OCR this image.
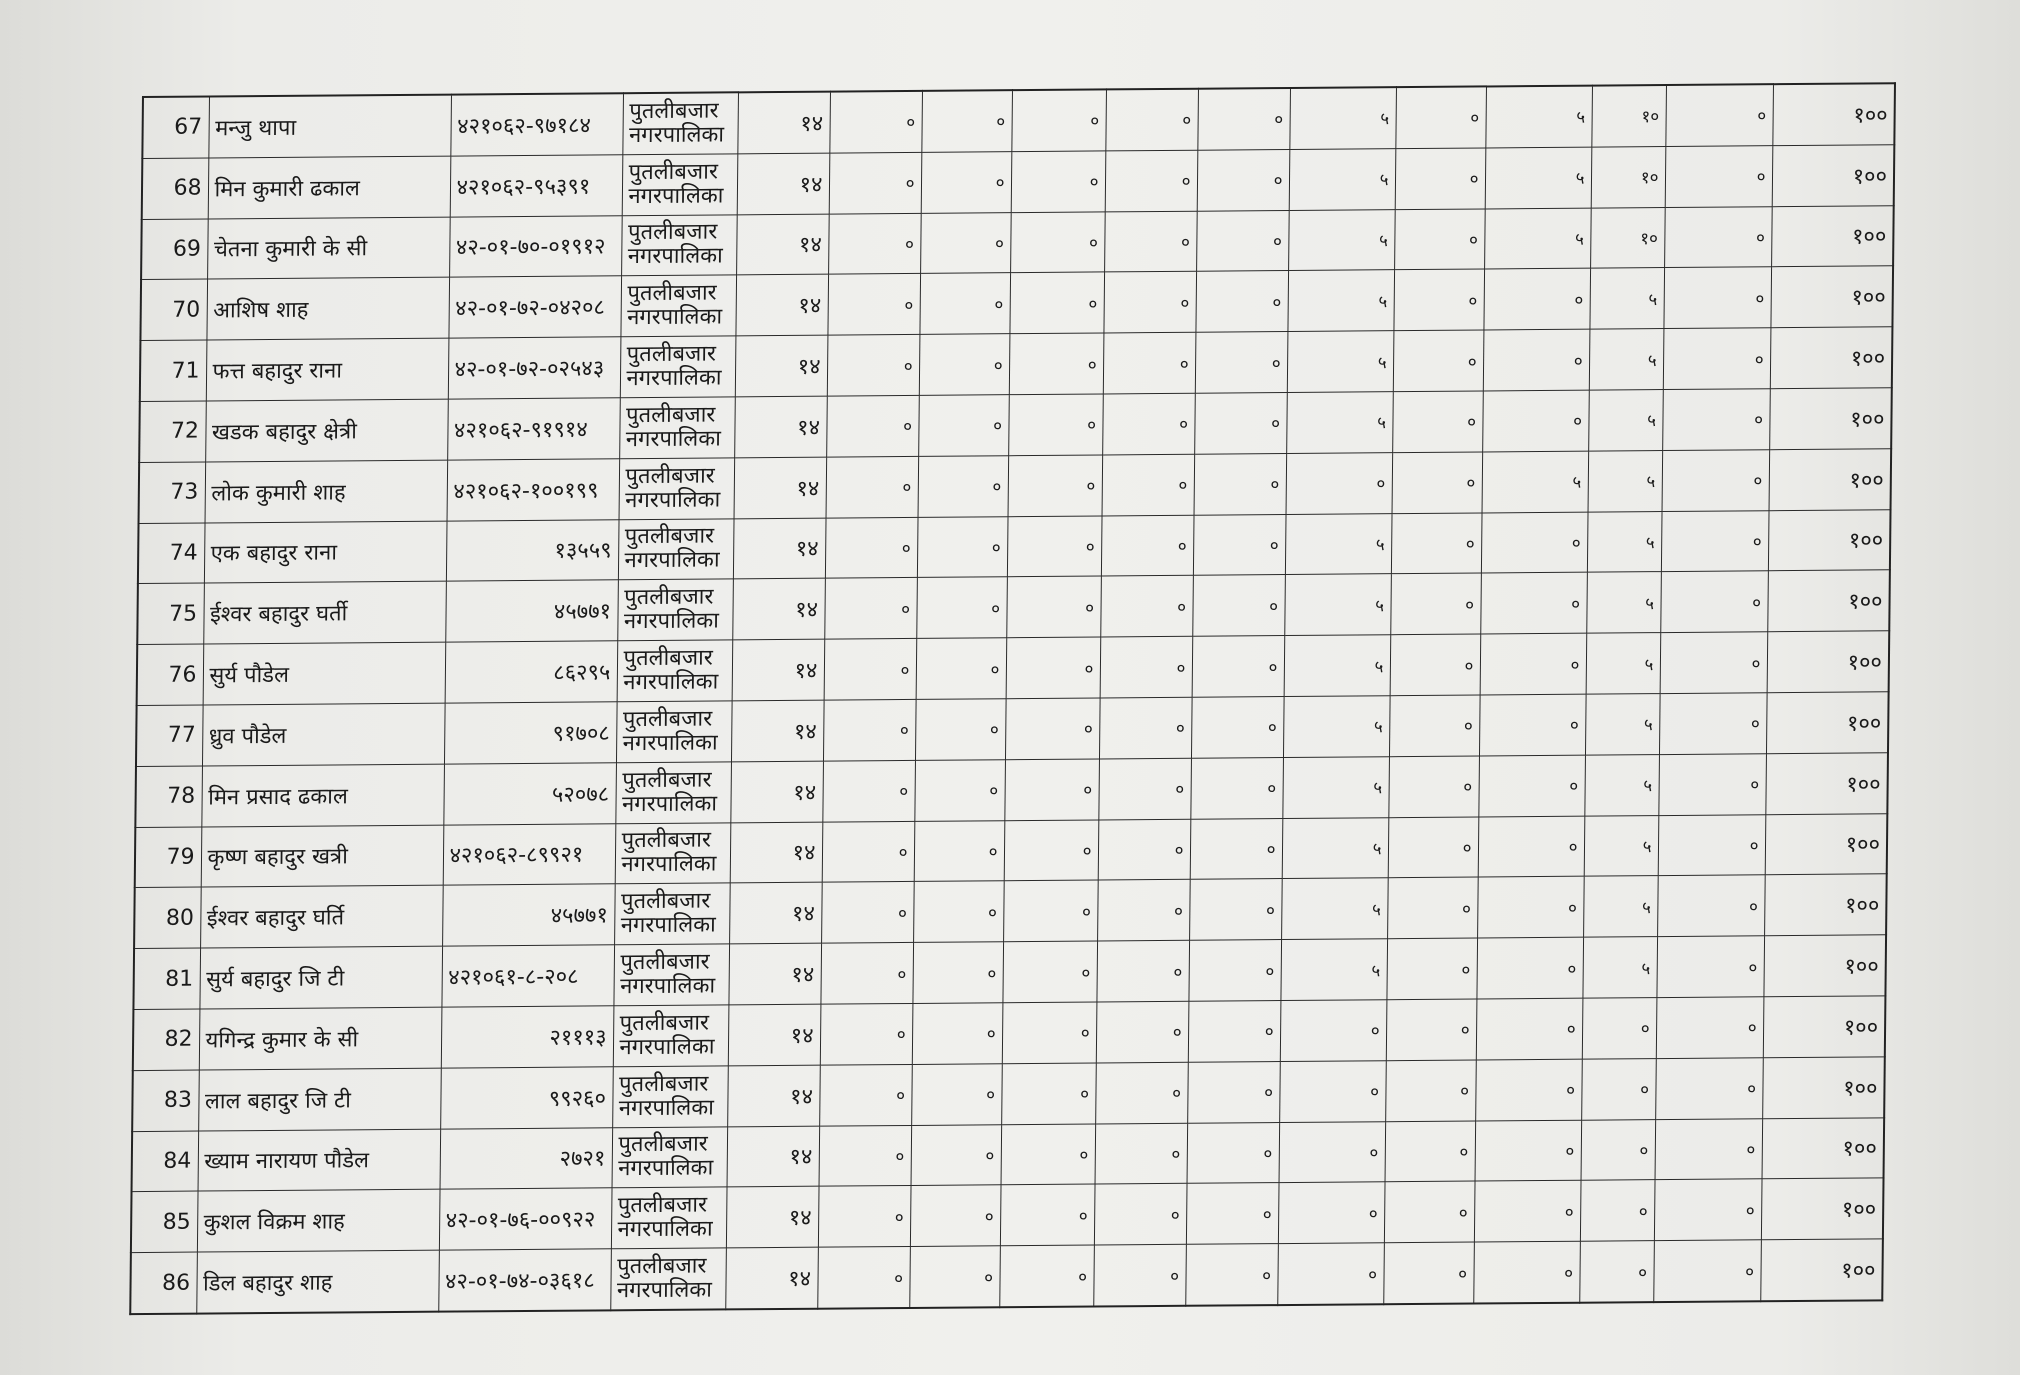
67	मन्जु थापा	४२१०६२-९७१८४	पुतलीबजार
नगरपालिका	१४	०	०	०	०	०	५	०	५	१०	०	१००
68	मिन कुमारी ढकाल	४२१०६२-९५३९१	पुतलीबजार
नगरपालिका	१४	०	०	०	०	०	५	०	५	१०	०	१००
69	चेतना कुमारी के सी	४२-०१-७०-०१९१२	पुतलीबजार
नगरपालिका	१४	०	०	०	०	०	५	०	५	१०	०	१००
70	आशिष शाह	४२-०१-७२-०४२०८	पुतलीबजार
नगरपालिका	१४	०	०	०	०	०	५	०	०	५	०	१००
71	फत्त बहादुर राना	४२-०१-७२-०२५४३	पुतलीबजार
नगरपालिका	१४	०	०	०	०	०	५	०	०	५	०	१००
72	खडक बहादुर क्षेत्री	४२१०६२-९१९१४	पुतलीबजार
नगरपालिका	१४	०	०	०	०	०	५	०	०	५	०	१००
73	लोक कुमारी शाह	४२१०६२-१००१९९	पुतलीबजार
नगरपालिका	१४	०	०	०	०	०	०	०	५	५	०	१००
74	एक बहादुर राना	१३५५९	पुतलीबजार
नगरपालिका	१४	०	०	०	०	०	५	०	०	५	०	१००
75	ईश्वर बहादुर घर्ती	४५७७१	पुतलीबजार
नगरपालिका	१४	०	०	०	०	०	५	०	०	५	०	१००
76	सुर्य पौडेल	८६२९५	पुतलीबजार
नगरपालिका	१४	०	०	०	०	०	५	०	०	५	०	१००
77	ध्रुव पौडेल	९१७०८	पुतलीबजार
नगरपालिका	१४	०	०	०	०	०	५	०	०	५	०	१००
78	मिन प्रसाद ढकाल	५२०७८	पुतलीबजार
नगरपालिका	१४	०	०	०	०	०	५	०	०	५	०	१००
79	कृष्ण बहादुर खत्री	४२१०६२-८९९२१	पुतलीबजार
नगरपालिका	१४	०	०	०	०	०	५	०	०	५	०	१००
80	ईश्वर बहादुर घर्ति	४५७७१	पुतलीबजार
नगरपालिका	१४	०	०	०	०	०	५	०	०	५	०	१००
81	सुर्य बहादुर जि टी	४२१०६१-८-२०८	पुतलीबजार
नगरपालिका	१४	०	०	०	०	०	५	०	०	५	०	१००
82	यगिन्द्र कुमार के सी	२१११३	पुतलीबजार
नगरपालिका	१४	०	०	०	०	०	०	०	०	०	०	१००
83	लाल बहादुर जि टी	९९२६०	पुतलीबजार
नगरपालिका	१४	०	०	०	०	०	०	०	०	०	०	१००
84	ख्याम नारायण पौडेल	२७२१	पुतलीबजार
नगरपालिका	१४	०	०	०	०	०	०	०	०	०	०	१००
85	कुशल विक्रम शाह	४२-०१-७६-००९२२	पुतलीबजार
नगरपालिका	१४	०	०	०	०	०	०	०	०	०	०	१००
86	डिल बहादुर शाह	४२-०१-७४-०३६१८	पुतलीबजार
नगरपालिका	१४	०	०	०	०	०	०	०	०	०	०	१००
